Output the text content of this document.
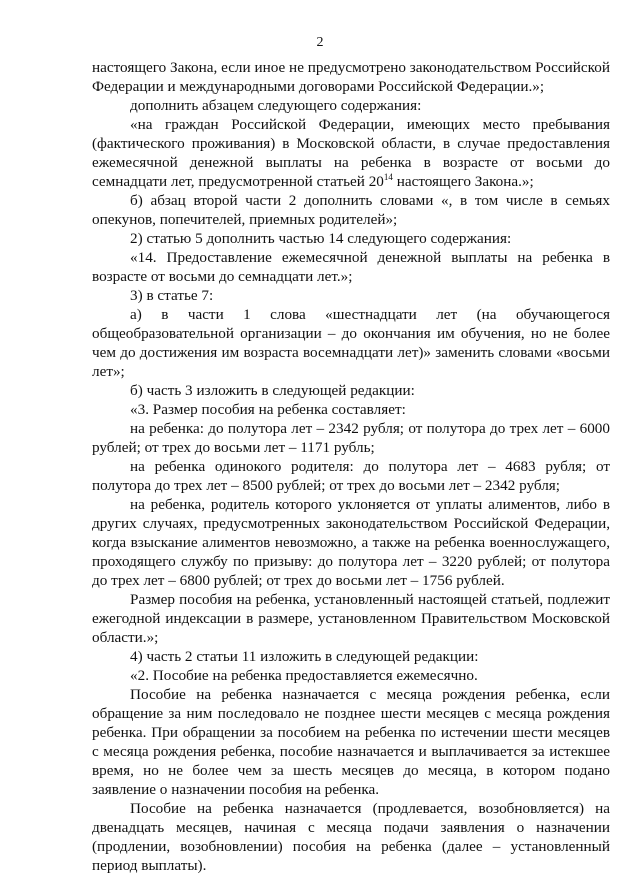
2

настоящего Закона, если иное не предусмотрено законодательством Российской Федерации и международными договорами Российской Федерации.»;

дополнить абзацем следующего содержания:

«на граждан Российской Федерации, имеющих место пребывания (фактического проживания) в Московской области, в случае предоставления ежемесячной денежной выплаты на ребенка в возрасте от восьми до семнадцати лет, предусмотренной статьей $20^{14}$ настоящего Закона.»;

б) абзац второй части 2 дополнить словами «, в том числе в семьях опекунов, попечителей, приемных родителей»;

2) статью 5 дополнить частью 14 следующего содержания:

«14. Предоставление ежемесячной денежной выплаты на ребенка в возрасте от восьми до семнадцати лет.»;

3) в статье 7:

а) в части 1 слова «шестнадцати лет (на обучающегося общеобразовательной организации – до окончания им обучения, но не более чем до достижения им возраста восемнадцати лет)» заменить словами «восьми лет»;

б) часть 3 изложить в следующей редакции:

«3. Размер пособия на ребенка составляет:

на ребенка: до полутора лет – 2342 рубля; от полутора до трех лет – 6000 рублей; от трех до восьми лет – 1171 рубль;

на ребенка одинокого родителя: до полутора лет – 4683 рубля; от полутора до трех лет – 8500 рублей; от трех до восьми лет – 2342 рубля;

на ребенка, родитель которого уклоняется от уплаты алиментов, либо в других случаях, предусмотренных законодательством Российской Федерации, когда взыскание алиментов невозможно, а также на ребенка военнослужащего, проходящего службу по призыву: до полутора лет – 3220 рублей; от полутора до трех лет – 6800 рублей; от трех до восьми лет – 1756 рублей.

Размер пособия на ребенка, установленный настоящей статьей, подлежит ежегодной индексации в размере, установленном Правительством Московской области.»;

4) часть 2 статьи 11 изложить в следующей редакции:

«2. Пособие на ребенка предоставляется ежемесячно.

Пособие на ребенка назначается с месяца рождения ребенка, если обращение за ним последовало не позднее шести месяцев с месяца рождения ребенка. При обращении за пособием на ребенка по истечении шести месяцев с месяца рождения ребенка, пособие назначается и выплачивается за истекшее время, но не более чем за шесть месяцев до месяца, в котором подано заявление о назначении пособия на ребенка.

Пособие на ребенка назначается (продлевается, возобновляется) на двенадцать месяцев, начиная с месяца подачи заявления о назначении (продлении, возобновлении) пособия на ребенка (далее – установленный период выплаты).
